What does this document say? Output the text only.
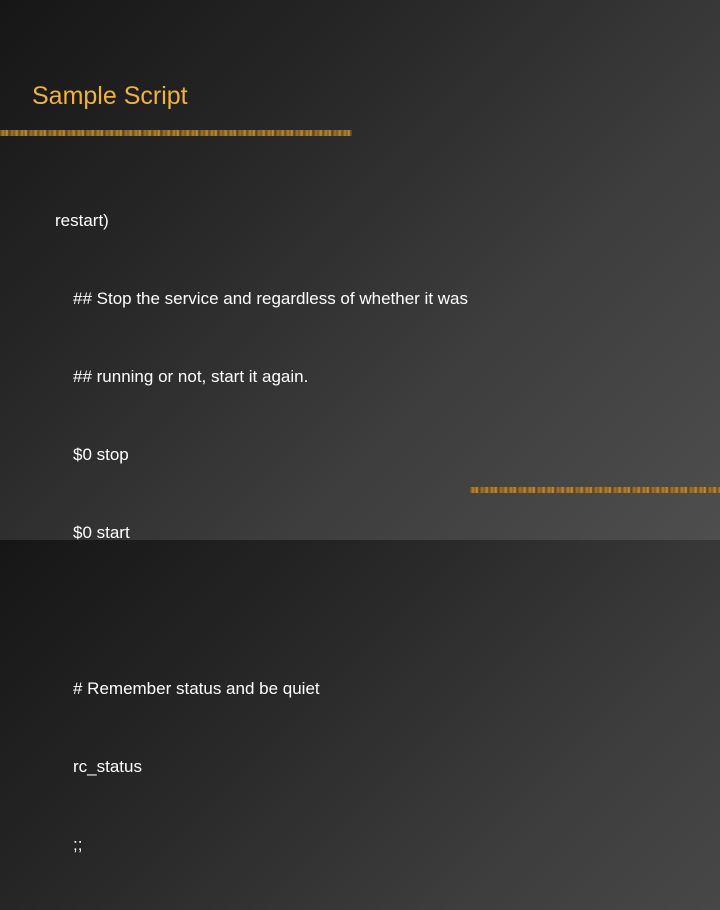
Sample Script

restart)

## Stop the service and regardless of whether it was

## running or not, start it again.

$0 stop

$0 start

# Remember status and be quiet

rc_status

;;
